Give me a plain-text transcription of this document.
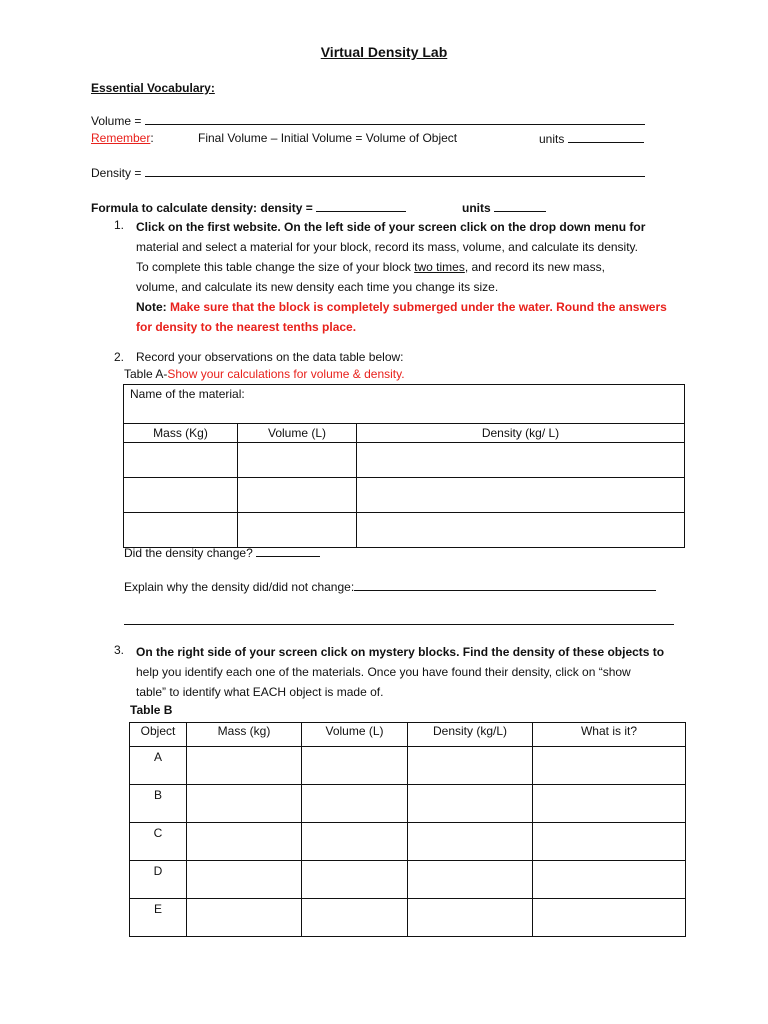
Virtual Density Lab
Essential Vocabulary:
Volume =
Remember:	Final Volume – Initial Volume = Volume of Object	units
Density =
Formula to calculate density: density =	units
1. Click on the first website. On the left side of your screen click on the drop down menu for
material and select a material for your block, record its mass, volume, and calculate its density.
To complete this table change the size of your block two times, and record its new mass,
volume, and calculate its new density each time you change its size.
Note: Make sure that the block is completely submerged under the water. Round the answers
for density to the nearest tenths place.
2. Record your observations on the data table below:
Table A-Show your calculations for volume & density.
Name of the material:		
Mass (Kg)	Volume (L)	Density (kg/ L)

Did the density change?
Explain why the density did/did not change:
3. On the right side of your screen click on mystery blocks. Find the density of these objects to
help you identify each one of the materials. Once you have found their density, click on “show
table” to identify what EACH object is made of.
Table B
Object	Mass (kg)	Volume (L)	Density (kg/L)	What is it?
A				
B				
C				
D				
E				
